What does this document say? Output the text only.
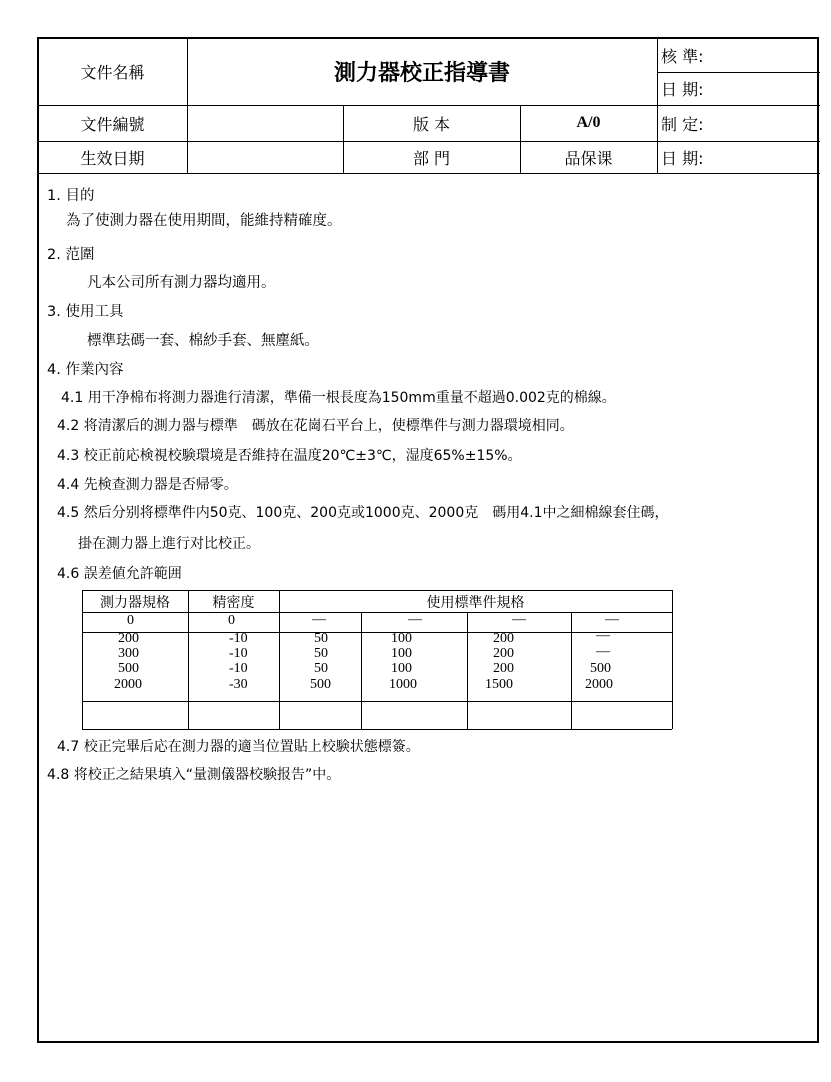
文件名稱	測力器校正指導書
核 準:
日 期:
文件編號	版 本	A/0	制 定:
生效日期	部 門	品保课	日 期:
1. 目的
為了使測力器在使用期間，能維持精確度。
2. 范圍
凡本公司所有測力器均適用。
3. 使用工具
標準珐碼一套、棉紗手套、無塵紙。
4. 作業內容
4.1 用干净棉布将測力器進行清潔，準備一根長度為150mm重量不超過0.002克的棉線。
4.2 将清潔后的測力器与標準　碼放在花崗石平台上，使標準件与測力器環境相同。
4.3 校正前応検視校験環境是否維持在温度20℃±3℃，湿度65%±15%。
4.4 先検查測力器是否帰零。
4.5 然后分别将標準件内50克、100克、200克或1000克、2000克　碼用4.1中之細棉線套住碼，
掛在測力器上進行对比校正。
4.6 誤差値允許範囲
測力器規格	精密度	使用標準件規格
0	0	—	—	—	—
200	-10	50	100	200	—
300	-10	50	100	200	—
500	-10	50	100	200	500
2000	-30	500	1000	1500	2000
4.7 校正完畢后応在測力器的適当位置貼上校験状態標簽。
4.8 将校正之結果填入“量測儀器校験报告”中。
